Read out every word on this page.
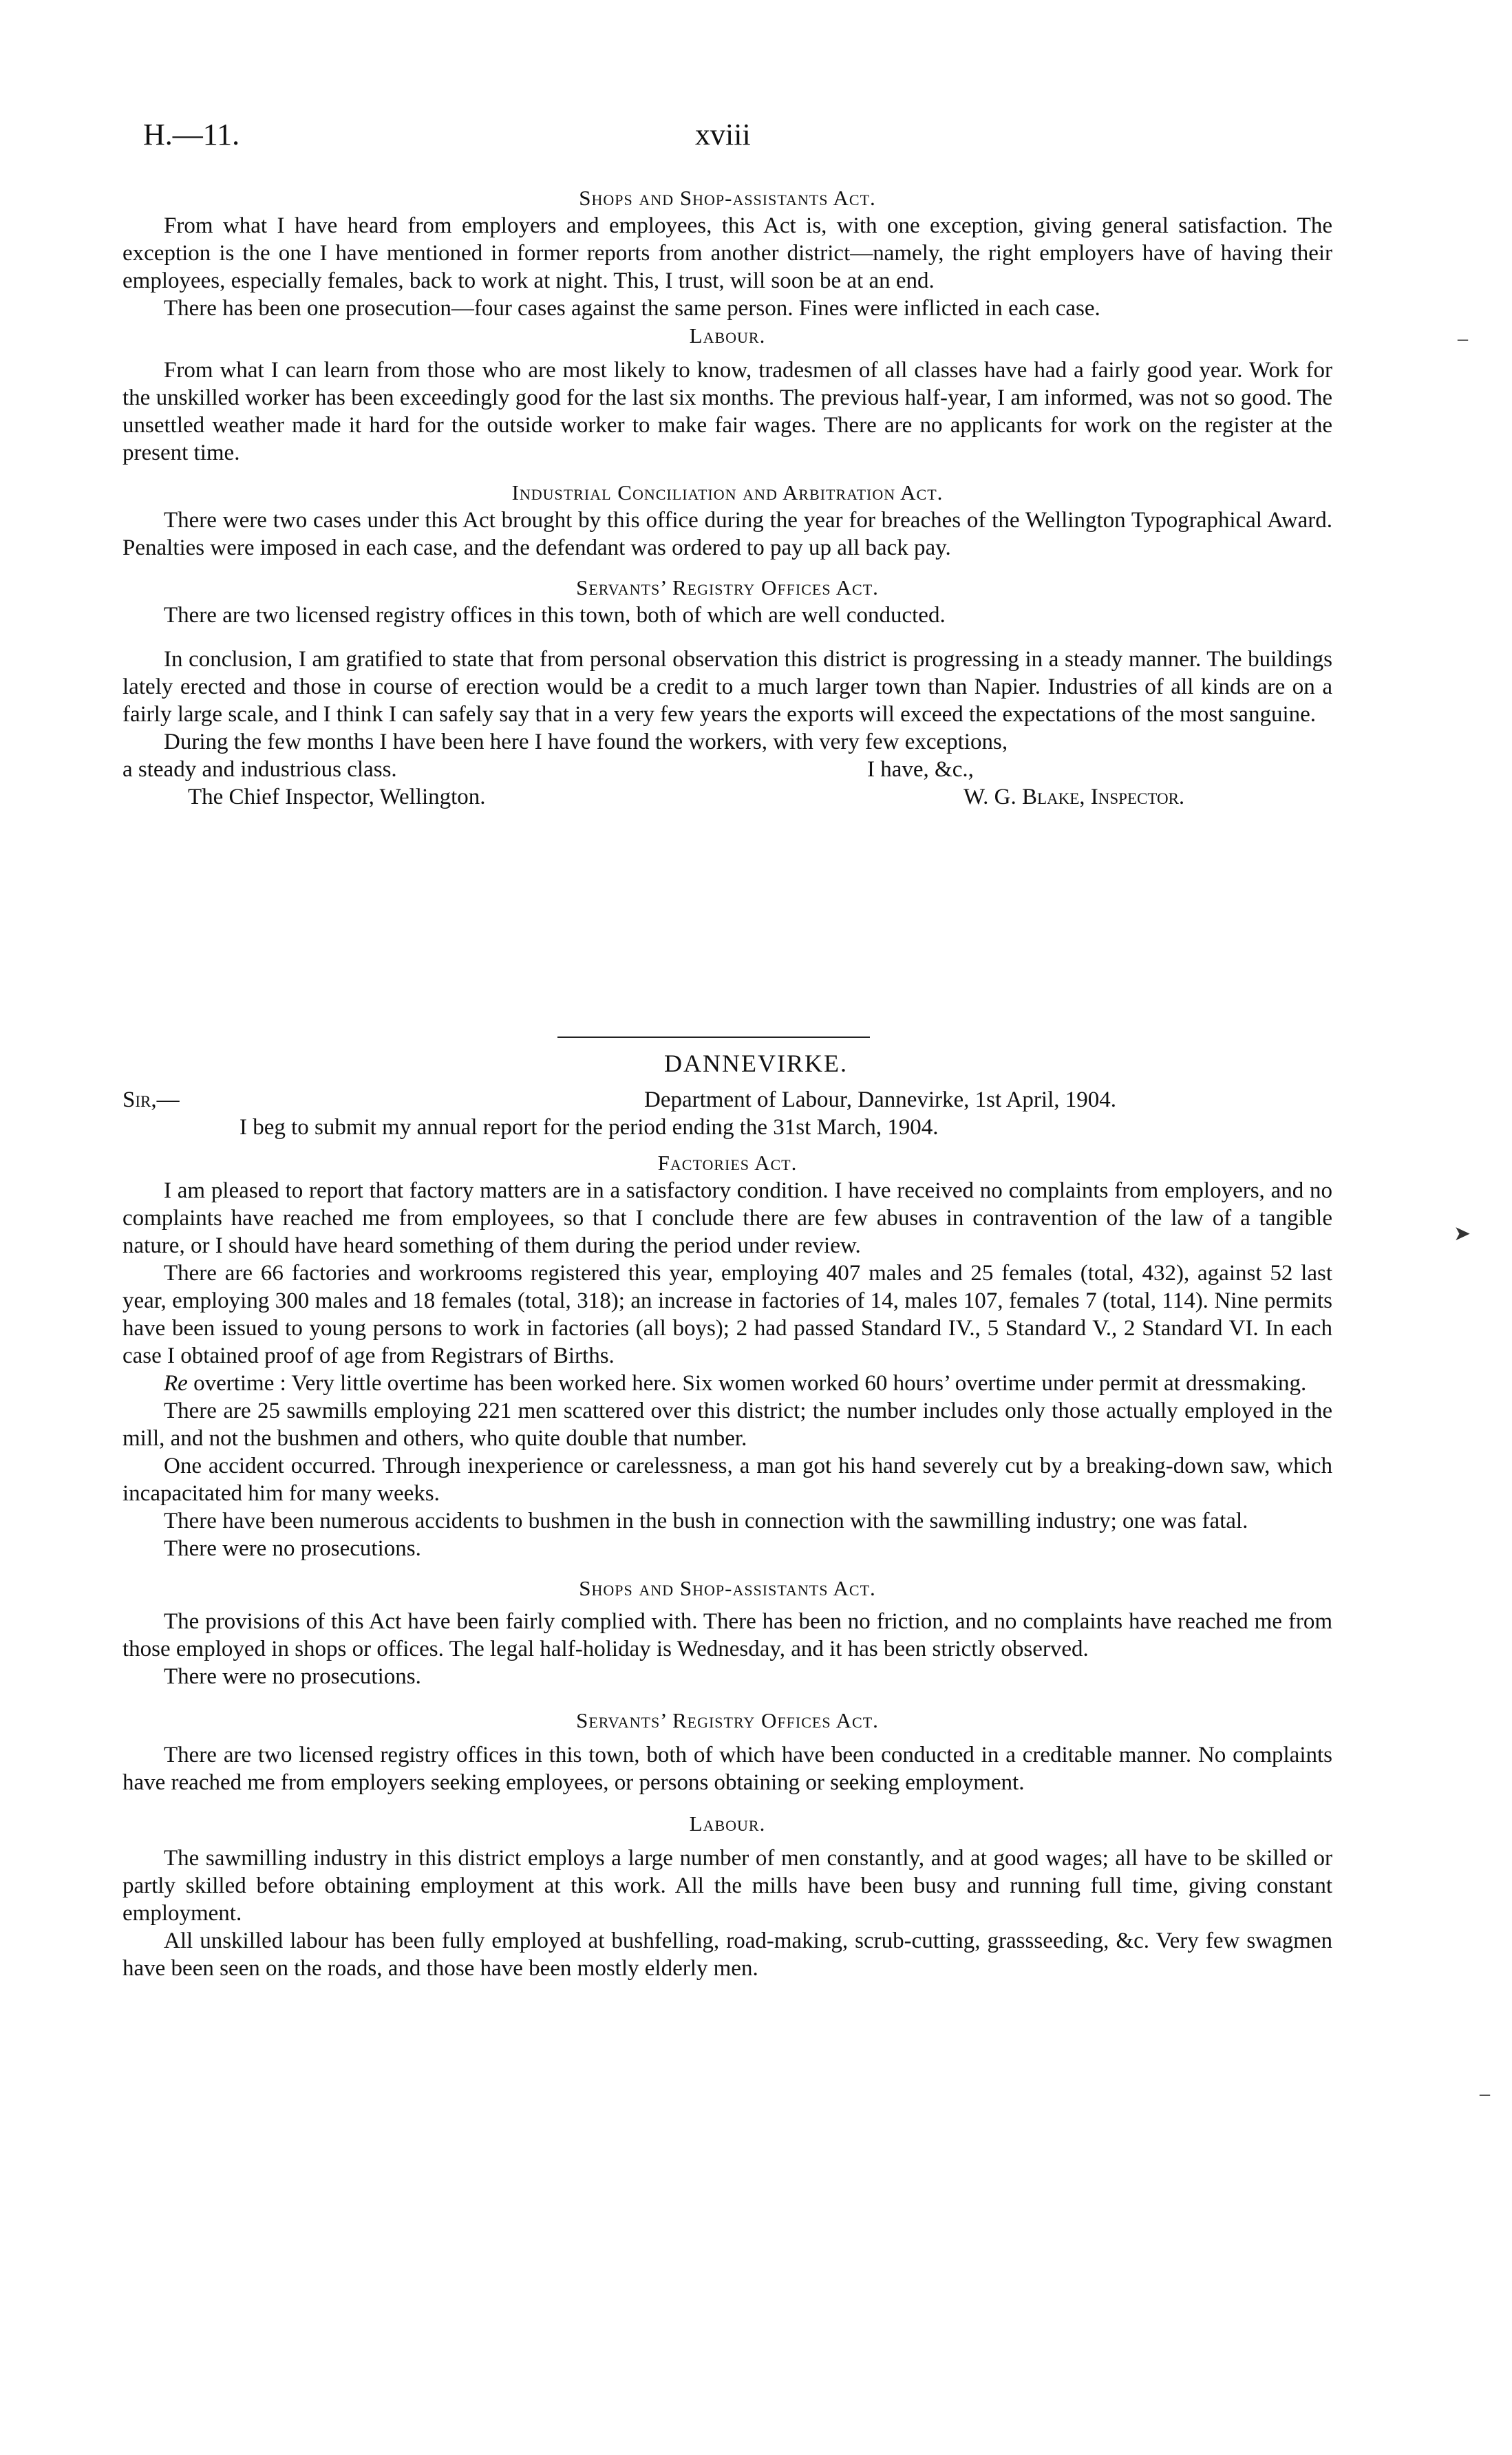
H.—11.	xviii
Shops and Shop-assistants Act.

From what I have heard from employers and employees, this Act is, with one exception, giving general satisfaction. The exception is the one I have mentioned in former reports from another district—namely, the right employers have of having their employees, especially females, back to work at night. This, I trust, will soon be at an end.

There has been one prosecution—four cases against the same person. Fines were inflicted in each case.

Labour.

From what I can learn from those who are most likely to know, tradesmen of all classes have had a fairly good year. Work for the unskilled worker has been exceedingly good for the last six months. The previous half-year, I am informed, was not so good. The unsettled weather made it hard for the outside worker to make fair wages. There are no applicants for work on the register at the present time.

Industrial Conciliation and Arbitration Act.

There were two cases under this Act brought by this office during the year for breaches of the Wellington Typographical Award. Penalties were imposed in each case, and the defendant was ordered to pay up all back pay.

Servants’ Registry Offices Act.

There are two licensed registry offices in this town, both of which are well conducted.

In conclusion, I am gratified to state that from personal observation this district is progressing in a steady manner. The buildings lately erected and those in course of erection would be a credit to a much larger town than Napier. Industries of all kinds are on a fairly large scale, and I think I can safely say that in a very few years the exports will exceed the expectations of the most sanguine.

During the few months I have been here I have found the workers, with very few exceptions,

a steady and industrious class.	I have, &c.,
The Chief Inspector, Wellington.	W. G. Blake, Inspector.
DANNEVIRKE.
Sir,—	Department of Labour, Dannevirke, 1st April, 1904.

I beg to submit my annual report for the period ending the 31st March, 1904.

Factories Act.

I am pleased to report that factory matters are in a satisfactory condition. I have received no complaints from employers, and no complaints have reached me from employees, so that I conclude there are few abuses in contravention of the law of a tangible nature, or I should have heard something of them during the period under review.

There are 66 factories and workrooms registered this year, employing 407 males and 25 females (total, 432), against 52 last year, employing 300 males and 18 females (total, 318); an increase in factories of 14, males 107, females 7 (total, 114). Nine permits have been issued to young persons to work in factories (all boys); 2 had passed Standard IV., 5 Standard V., 2 Standard VI. In each case I obtained proof of age from Registrars of Births.

Re overtime : Very little overtime has been worked here. Six women worked 60 hours’ overtime under permit at dressmaking.

There are 25 sawmills employing 221 men scattered over this district; the number includes only those actually employed in the mill, and not the bushmen and others, who quite double that number.

One accident occurred. Through inexperience or carelessness, a man got his hand severely cut by a breaking-down saw, which incapacitated him for many weeks.

There have been numerous accidents to bushmen in the bush in connection with the sawmilling industry; one was fatal.

There were no prosecutions.

Shops and Shop-assistants Act.

The provisions of this Act have been fairly complied with. There has been no friction, and no complaints have reached me from those employed in shops or offices. The legal half-holiday is Wednesday, and it has been strictly observed.

There were no prosecutions.

Servants’ Registry Offices Act.

There are two licensed registry offices in this town, both of which have been conducted in a creditable manner. No complaints have reached me from employers seeking employees, or persons obtaining or seeking employment.

Labour.

The sawmilling industry in this district employs a large number of men constantly, and at good wages; all have to be skilled or partly skilled before obtaining employment at this work. All the mills have been busy and running full time, giving constant employment.

All unskilled labour has been fully employed at bushfelling, road-making, scrub-cutting, grassseeding, &c. Very few swagmen have been seen on the roads, and those have been mostly elderly men.

–
➤
–
